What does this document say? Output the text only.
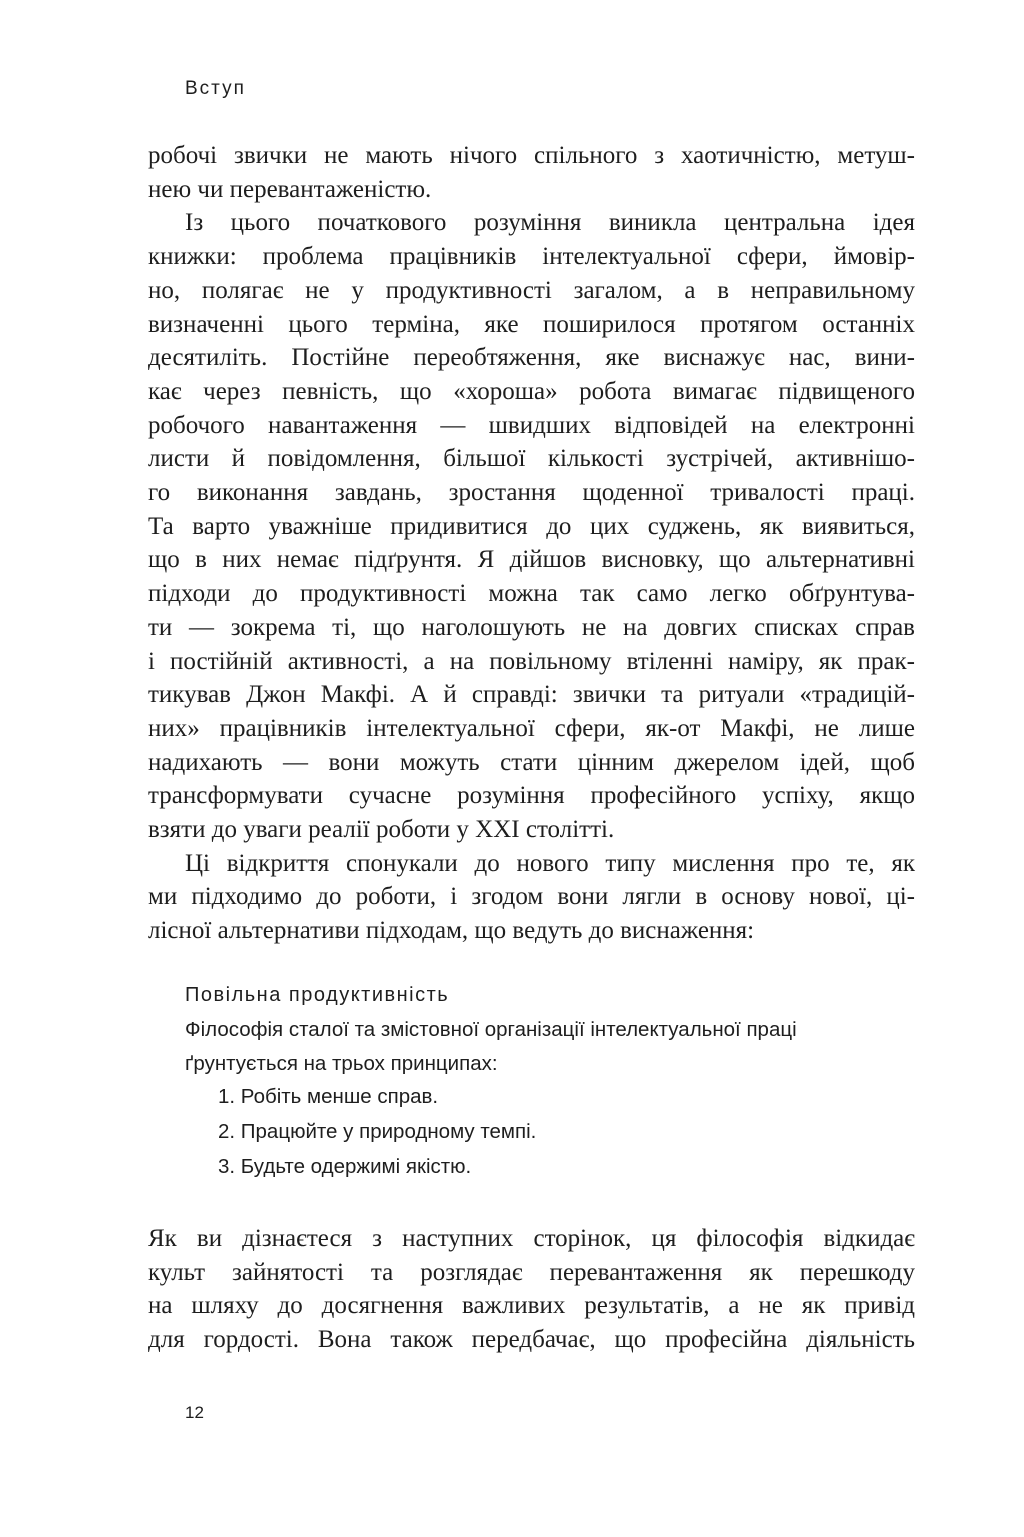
Вступ
робочі звички не мають нічого спільного з хаотичністю, метуш-
нею чи перевантаженістю.
Із цього початкового розуміння виникла центральна ідея
книжки: проблема працівників інтелектуальної сфери, ймовір-
но, полягає не у продуктивності загалом, а в неправильному
визначенні цього терміна, яке поширилося протягом останніх
десятиліть. Постійне переобтяження, яке виснажує нас, вини-
кає через певність, що «хороша» робота вимагає підвищеного
робочого навантаження — швидших відповідей на електронні
листи й повідомлення, більшої кількості зустрічей, активнішо-
го виконання завдань, зростання щоденної тривалості праці.
Та варто уважніше придивитися до цих суджень, як виявиться,
що в них немає підґрунтя. Я дійшов висновку, що альтернативні
підходи до продуктивності можна так само легко обґрунтува-
ти — зокрема ті, що наголошують не на довгих списках справ
і постійній активності, а на повільному втіленні наміру, як прак-
тикував Джон Макфі. А й справді: звички та ритуали «традицій-
них» працівників інтелектуальної сфери, як-от Макфі, не лише
надихають — вони можуть стати цінним джерелом ідей, щоб
трансформувати сучасне розуміння професійного успіху, якщо
взяти до уваги реалії роботи у XXI столітті.
Ці відкриття спонукали до нового типу мислення про те, як
ми підходимо до роботи, і згодом вони лягли в основу нової, ці-
лісної альтернативи підходам, що ведуть до виснаження:
Повільна продуктивність
Філософія сталої та змістовної організації інтелектуальної праці
ґрунтується на трьох принципах:
1. Робіть менше справ.
2. Працюйте у природному темпі.
3. Будьте одержимі якістю.
Як ви дізнаєтеся з наступних сторінок, ця філософія відкидає
культ зайнятості та розглядає перевантаження як перешкоду
на шляху до досягнення важливих результатів, а не як привід
для гордості. Вона також передбачає, що професійна діяльність
12
